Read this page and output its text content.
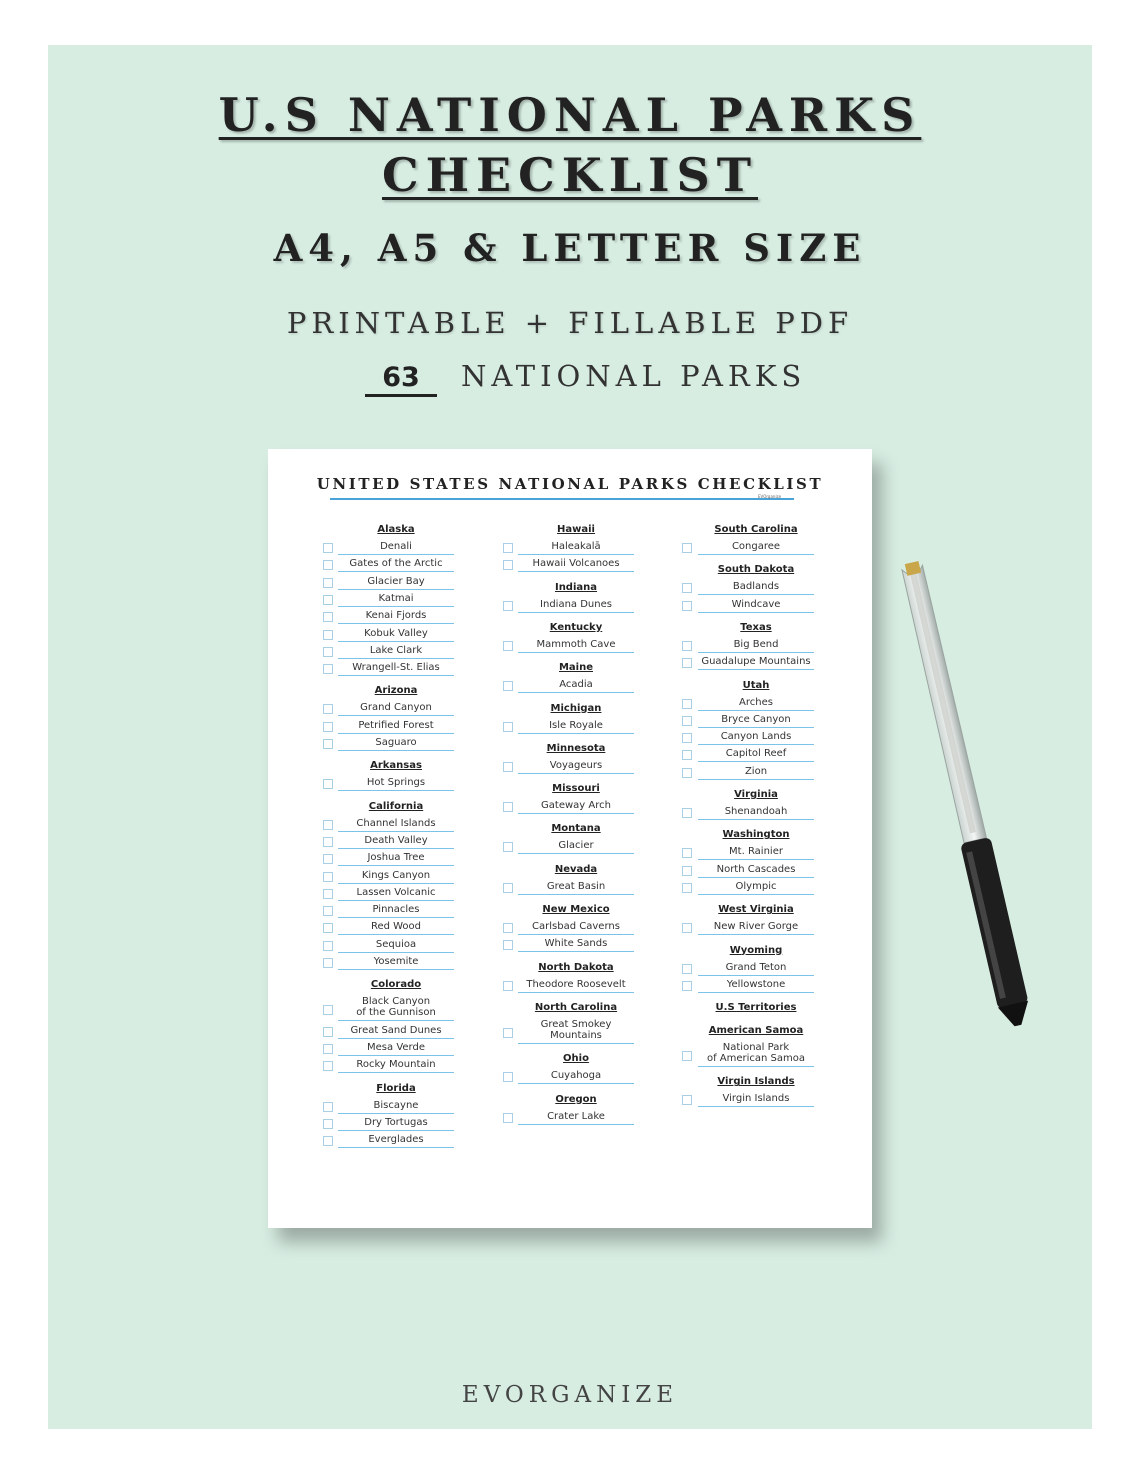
U.S NATIONAL PARKS
CHECKLIST
A4, A5 & LETTER SIZE
PRINTABLE + FILLABLE PDF
63 NATIONAL PARKS
UNITED STATES NATIONAL PARKS CHECKLIST
EVOrganize
Alaska
Denali
Gates of the Arctic
Glacier Bay
Katmai
Kenai Fjords
Kobuk Valley
Lake Clark
Wrangell-St. Elias
Arizona
Grand Canyon
Petrified Forest
Saguaro
Arkansas
Hot Springs
California
Channel Islands
Death Valley
Joshua Tree
Kings Canyon
Lassen Volcanic
Pinnacles
Red Wood
Sequioa
Yosemite
Colorado
Black Canyon
of the Gunnison
Great Sand Dunes
Mesa Verde
Rocky Mountain
Florida
Biscayne
Dry Tortugas
Everglades
Hawaii
Haleakalā
Hawaii Volcanoes
Indiana
Indiana Dunes
Kentucky
Mammoth Cave
Maine
Acadia
Michigan
Isle Royale
Minnesota
Voyageurs
Missouri
Gateway Arch
Montana
Glacier
Nevada
Great Basin
New Mexico
Carlsbad Caverns
White Sands
North Dakota
Theodore Roosevelt
North Carolina
Great Smokey
Mountains
Ohio
Cuyahoga
Oregon
Crater Lake
South Carolina
Congaree
South Dakota
Badlands
Windcave
Texas
Big Bend
Guadalupe Mountains
Utah
Arches
Bryce Canyon
Canyon Lands
Capitol Reef
Zion
Virginia
Shenandoah
Washington
Mt. Rainier
North Cascades
Olympic
West Virginia
New River Gorge
Wyoming
Grand Teton
Yellowstone
U.S Territories
American Samoa
National Park
of American Samoa
Virgin Islands
Virgin Islands
EVORGANIZE
